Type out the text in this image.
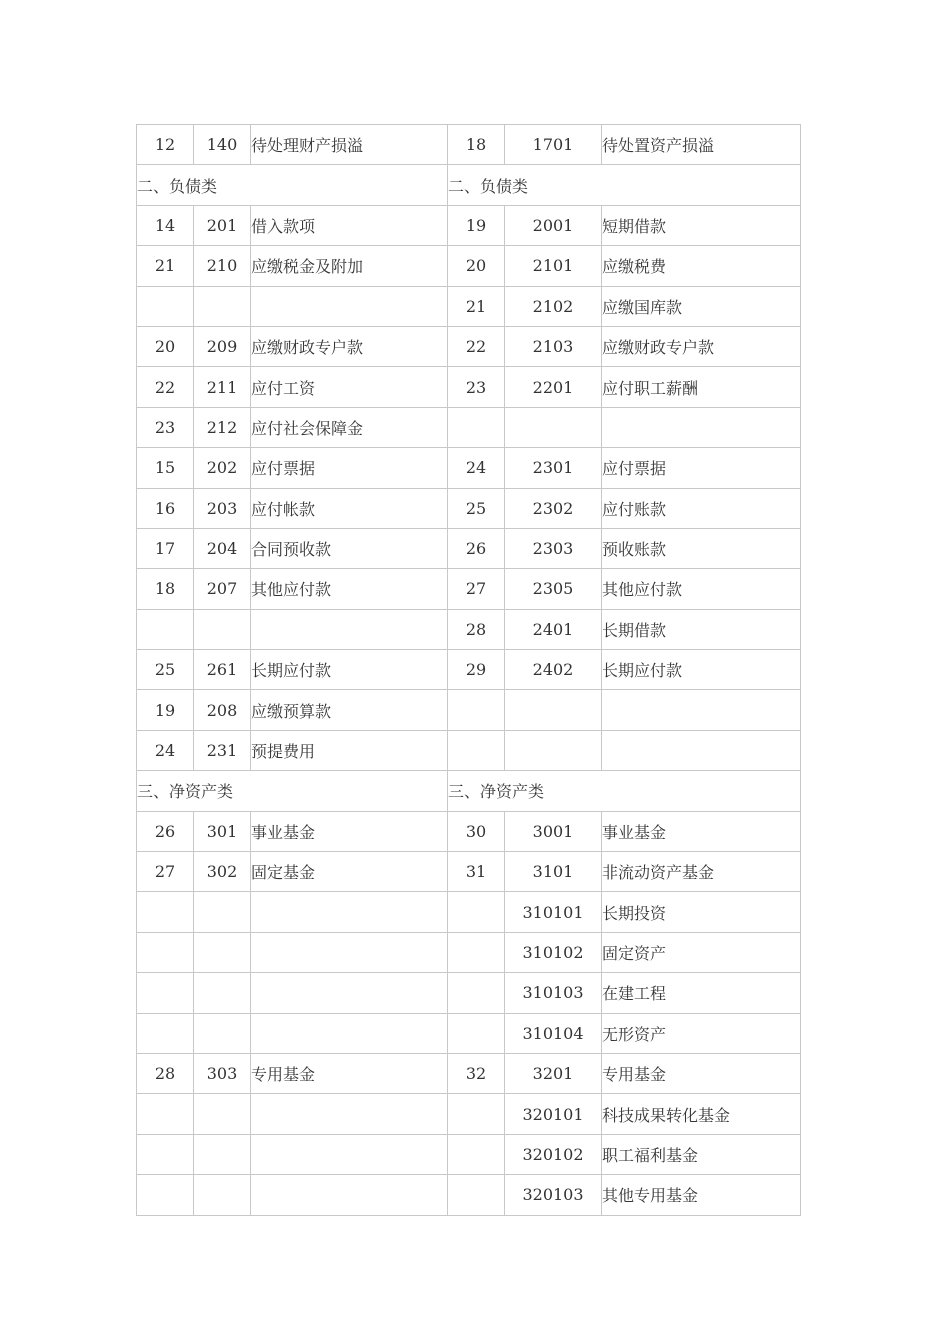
12	140	待处理财产损溢	18	1701	待处置资产损溢
二、负债类			二、负债类		
14	201	借入款项	19	2001	短期借款
21	210	应缴税金及附加	20	2101	应缴税费
			21	2102	应缴国库款
20	209	应缴财政专户款	22	2103	应缴财政专户款
22	211	应付工资	23	2201	应付职工薪酬
23	212	应付社会保障金			
15	202	应付票据	24	2301	应付票据
16	203	应付帐款	25	2302	应付账款
17	204	合同预收款	26	2303	预收账款
18	207	其他应付款	27	2305	其他应付款
			28	2401	长期借款
25	261	长期应付款	29	2402	长期应付款
19	208	应缴预算款			
24	231	预提费用			
三、净资产类			三、净资产类		
26	301	事业基金	30	3001	事业基金
27	302	固定基金	31	3101	非流动资产基金
				310101	长期投资
				310102	固定资产
				310103	在建工程
				310104	无形资产
28	303	专用基金	32	3201	专用基金
				320101	科技成果转化基金
				320102	职工福利基金
				320103	其他专用基金
